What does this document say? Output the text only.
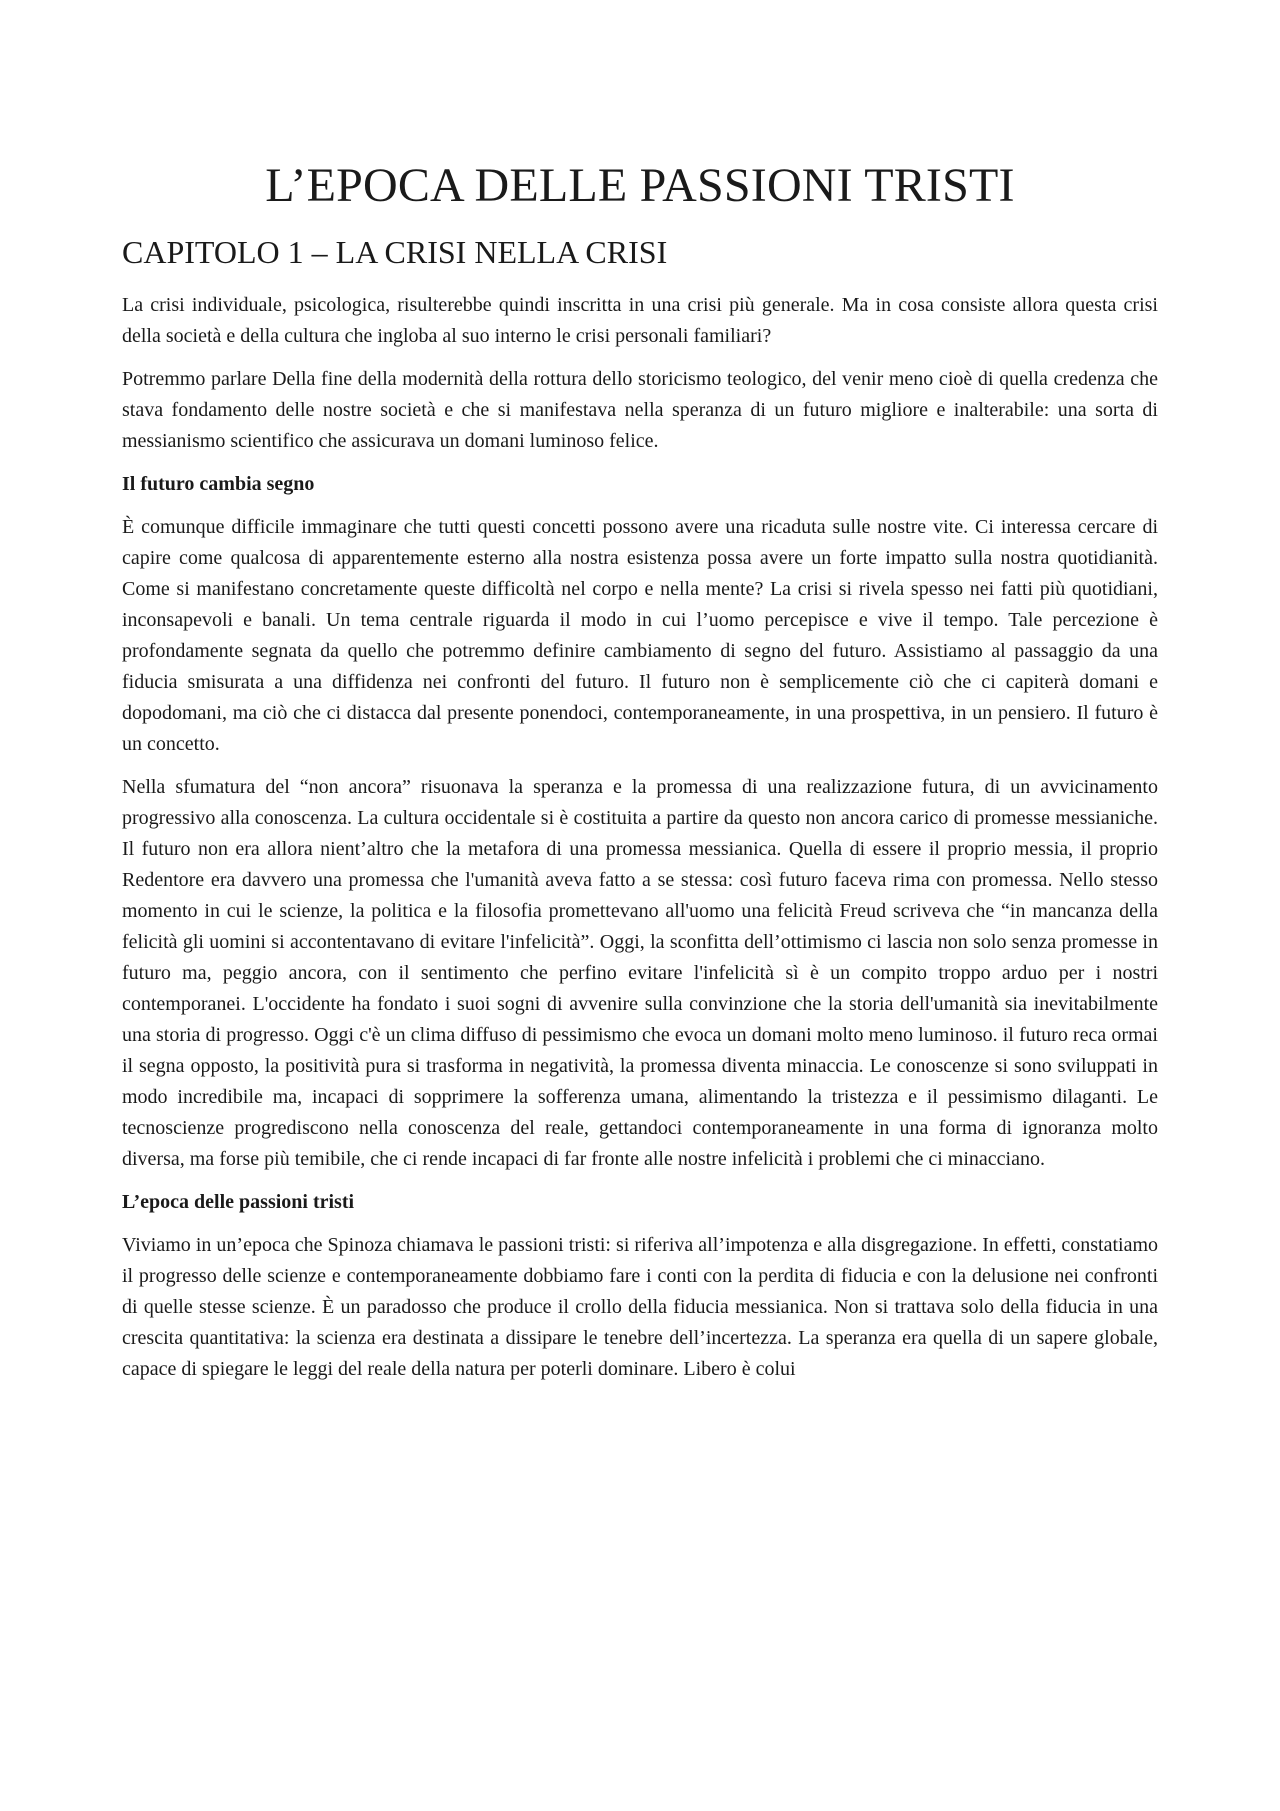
L’EPOCA DELLE PASSIONI TRISTI
CAPITOLO 1 – LA CRISI NELLA CRISI

La crisi individuale, psicologica, risulterebbe quindi inscritta in una crisi più generale. Ma in cosa consiste allora questa crisi della società e della cultura che ingloba al suo interno le crisi personali familiari?

Potremmo parlare Della fine della modernità della rottura dello storicismo teologico, del venir meno cioè di quella credenza che stava fondamento delle nostre società e che si manifestava nella speranza di un futuro migliore e inalterabile: una sorta di messianismo scientifico che assicurava un domani luminoso felice.

Il futuro cambia segno

È comunque difficile immaginare che tutti questi concetti possono avere una ricaduta sulle nostre vite. Ci interessa cercare di capire come qualcosa di apparentemente esterno alla nostra esistenza possa avere un forte impatto sulla nostra quotidianità. Come si manifestano concretamente queste difficoltà nel corpo e nella mente? La crisi si rivela spesso nei fatti più quotidiani, inconsapevoli e banali. Un tema centrale riguarda il modo in cui l’uomo percepisce e vive il tempo. Tale percezione è profondamente segnata da quello che potremmo definire cambiamento di segno del futuro. Assistiamo al passaggio da una fiducia smisurata a una diffidenza nei confronti del futuro. Il futuro non è semplicemente ciò che ci capiterà domani e dopodomani, ma ciò che ci distacca dal presente ponendoci, contemporaneamente, in una prospettiva, in un pensiero. Il futuro è un concetto.

Nella sfumatura del “non ancora” risuonava la speranza e la promessa di una realizzazione futura, di un avvicinamento progressivo alla conoscenza. La cultura occidentale si è costituita a partire da questo non ancora carico di promesse messianiche. Il futuro non era allora nient’altro che la metafora di una promessa messianica. Quella di essere il proprio messia, il proprio Redentore era davvero una promessa che l'umanità aveva fatto a se stessa: così futuro faceva rima con promessa. Nello stesso momento in cui le scienze, la politica e la filosofia promettevano all'uomo una felicità Freud scriveva che “in mancanza della felicità gli uomini si accontentavano di evitare l'infelicità”. Oggi, la sconfitta dell’ottimismo ci lascia non solo senza promesse in futuro ma, peggio ancora, con il sentimento che perfino evitare l'infelicità sì è un compito troppo arduo per i nostri contemporanei. L'occidente ha fondato i suoi sogni di avvenire sulla convinzione che la storia dell'umanità sia inevitabilmente una storia di progresso. Oggi c'è un clima diffuso di pessimismo che evoca un domani molto meno luminoso. il futuro reca ormai il segna opposto, la positività pura si trasforma in negatività, la promessa diventa minaccia. Le conoscenze si sono sviluppati in modo incredibile ma, incapaci di sopprimere la sofferenza umana, alimentando la tristezza e il pessimismo dilaganti. Le tecnoscienze progrediscono nella conoscenza del reale, gettandoci contemporaneamente in una forma di ignoranza molto diversa, ma forse più temibile, che ci rende incapaci di far fronte alle nostre infelicità i problemi che ci minacciano.

L’epoca delle passioni tristi

Viviamo in un’epoca che Spinoza chiamava le passioni tristi: si riferiva all’impotenza e alla disgregazione. In effetti, constatiamo il progresso delle scienze e contemporaneamente dobbiamo fare i conti con la perdita di fiducia e con la delusione nei confronti di quelle stesse scienze. È un paradosso che produce il crollo della fiducia messianica. Non si trattava solo della fiducia in una crescita quantitativa: la scienza era destinata a dissipare le tenebre dell’incertezza. La speranza era quella di un sapere globale, capace di spiegare le leggi del reale della natura per poterli dominare. Libero è colui
